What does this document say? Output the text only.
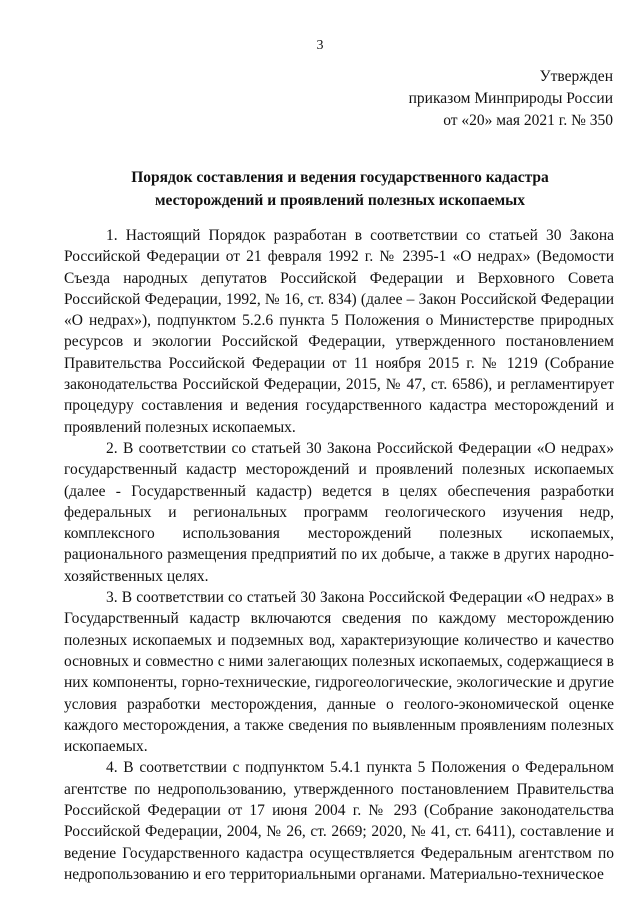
3
Утвержден
приказом Минприроды России
от «20» мая 2021 г. № 350
Порядок составления и ведения государственного кадастра
месторождений и проявлений полезных ископаемых

1. Настоящий Порядок разработан в соответствии со статьей 30 Закона Российской Федерации от 21 февраля 1992 г. № 2395-1 «О недрах» (Ведомости Съезда народных депутатов Российской Федерации и Верховного Совета Российской Федерации, 1992, № 16, ст. 834) (далее – Закон Российской Федерации «О недрах»), подпунктом 5.2.6 пункта 5 Положения о Министерстве природных ресурсов и экологии Российской Федерации, утвержденного постановлением Правительства Российской Федерации от 11 ноября 2015 г. № 1219 (Собрание законодательства Российской Федерации, 2015, № 47, ст. 6586), и регламентирует процедуру составления и ведения государственного кадастра месторождений и проявлений полезных ископаемых.

2. В соответствии со статьей 30 Закона Российской Федерации «О недрах» государственный кадастр месторождений и проявлений полезных ископаемых (далее - Государственный кадастр) ведется в целях обеспечения разработки федеральных и региональных программ геологического изучения недр, комплексного использования месторождений полезных ископаемых, рационального размещения предприятий по их добыче, а также в других народно-хозяйственных целях.

3. В соответствии со статьей 30 Закона Российской Федерации «О недрах» в Государственный кадастр включаются сведения по каждому месторождению полезных ископаемых и подземных вод, характеризующие количество и качество основных и совместно с ними залегающих полезных ископаемых, содержащиеся в них компоненты, горно-технические, гидрогеологические, экологические и другие условия разработки месторождения, данные о геолого-экономической оценке каждого месторождения, а также сведения по выявленным проявлениям полезных ископаемых.

4. В соответствии с подпунктом 5.4.1 пункта 5 Положения о Федеральном агентстве по недропользованию, утвержденного постановлением Правительства Российской Федерации от 17 июня 2004 г. № 293 (Собрание законодательства Российской Федерации, 2004, № 26, ст. 2669; 2020, № 41, ст. 6411), составление и ведение Государственного кадастра осуществляется Федеральным агентством по недропользованию и его территориальными органами. Материально-техническое
